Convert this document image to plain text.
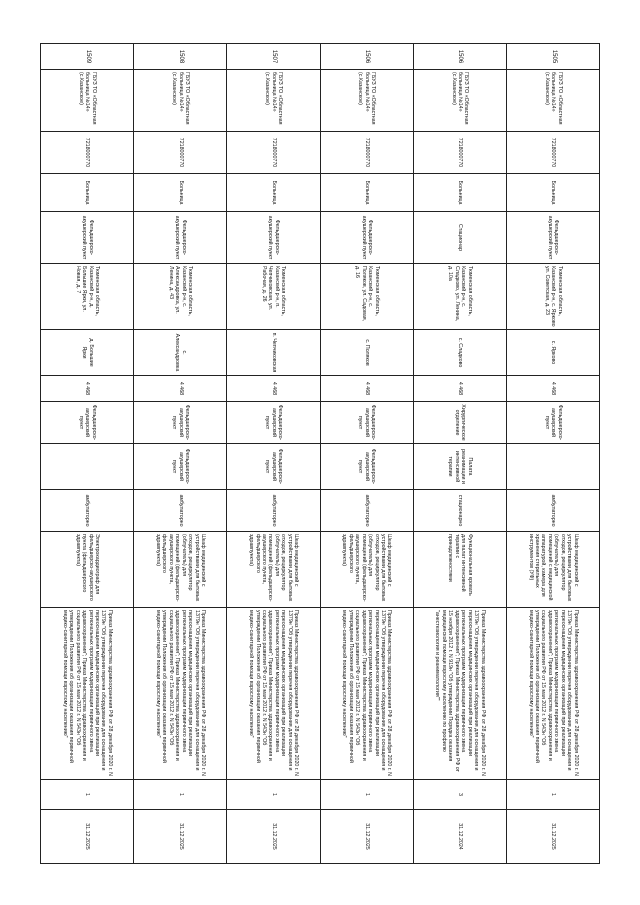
1505	ГБУЗ ТО «Областная больница №14» (с.Казанское)	7218000770	Больница	Фельдшерско-акушерский пункт	Тюменская область, Казанский р-н, с. Ярково ул. Советская, д. 23	с. Ярково	4 468	Фельдшерско-акушерский пункт		амбулаторно	Шкаф медицинский с устройствами для бытовых отходов, рециркулятор (облучатель) для помещений с медицинской аппаратурой, камера для хранения стерильных инструментов (УФ)	Приказ Министерства здравоохранения РФ от 28 декабря 2020 г. N 1379н "Об утверждении перечня оборудования для оснащения и переоснащения медицинских организаций при реализации региональных программ модернизации первичного звена здравоохранения"; Приказ Министерства здравоохранения и социального развития РФ от 15 мая 2012 г. N 543н "Об утверждении Положения об организации оказания первичной медико-санитарной помощи взрослому населению"	1	31.12.2025
1506	ГБУЗ ТО «Областная больница №14» (с.Казанское)	7218000770	Больница	Стационар	Тюменская область, Казанский р-н, с. Сладково, ул. Ленина, д. 10а	с. Сладково	4 468	Хирургическое отделение	Палата реанимации и интенсивной терапии	стационарно	Функциональная кровать для палат интенсивной терапии с принадлежностями	Приказ Министерства здравоохранения РФ от 28 декабря 2020 г. N 1379н "Об утверждении перечня оборудования для оснащения и переоснащения медицинских организаций при реализации региональных программ модернизации первичного звена здравоохранения"; Приказ Министерства здравоохранения РФ от 15 ноября 2012 г. N 919н "Об утверждении Порядка оказания медицинской помощи взрослому населению по профилю "анестезиология и реаниматология""	3	31.12.2024
1506	ГБУЗ ТО «Областная больница №14» (с.Казанское)	7218000770	Больница	Фельдшерско-акушерский пункт	Тюменская область, Казанский р-н, с. Поляков, ул. Садовая, д. 16	с. Поляков	4 468	Фельдшерско-акушерский пункт	Фельдшерско-акушерский пункт	амбулаторно	Шкаф медицинский с устройствами для бытовых отходов, рециркулятор (облучатель) для помещений (фельдшерско-акушерского пункта, фельдшерского здравпункта)	Приказ Министерства здравоохранения РФ от 28 декабря 2020 г. N 1379н "Об утверждении перечня оборудования для оснащения и переоснащения медицинских организаций при реализации региональных программ модернизации первичного звена здравоохранения"; Приказ Министерства здравоохранения и социального развития РФ от 15 мая 2012 г. N 543н "Об утверждении Положения об организации оказания первичной медико-санитарной помощи взрослому населению"	1	31.12.2025
1507	ГБУЗ ТО «Областная больница №14» (с.Казанское)	7218000770	Больница	Фельдшерско-акушерский пункт	Тюменская область, Казанский р-н, п. Чепчиковская, ул. Рабочая, д. 26	п. Чепчиковская	4 468	Фельдшерско-акушерский пункт	Фельдшерско-акушерский пункт	амбулаторно	Шкаф медицинский с устройствами для бытовых отходов, рециркулятор (облучатель) для помещений (фельдшерско-акушерского пункта, фельдшерского здравпункта)	Приказ Министерства здравоохранения РФ от 28 декабря 2020 г. N 1379н "Об утверждении перечня оборудования для оснащения и переоснащения медицинских организаций при реализации региональных программ модернизации первичного звена здравоохранения"; Приказ Министерства здравоохранения и социального развития РФ от 15 мая 2012 г. N 543н "Об утверждении Положения об организации оказания первичной медико-санитарной помощи взрослому населению"	1	31.12.2025
1508	ГБУЗ ТО «Областная больница №14» (с.Казанское)	7218000770	Больница	Фельдшерско-акушерский пункт	Тюменская область, Казанский р-н, с. Александровка, ул. Ленина, д. 43	с. Александровка	4 468	Фельдшерско-акушерский пункт	Фельдшерско-акушерский пункт	амбулаторно	Шкаф медицинский с устройствами для бытовых отходов, рециркулятор (облучатель) для помещений (фельдшерско-акушерского пункта, фельдшерского здравпункта)	Приказ Министерства здравоохранения РФ от 28 декабря 2020 г. N 1379н "Об утверждении перечня оборудования для оснащения и переоснащения медицинских организаций при реализации региональных программ модернизации первичного звена здравоохранения"; Приказ Министерства здравоохранения и социального развития РФ от 15 мая 2012 г. N 543н "Об утверждении Положения об организации оказания первичной медико-санитарной помощи взрослому населению"	1	31.12.2025
1509	ГБУЗ ТО «Областная больница №14» (с.Казанское)	7218000770	Больница	Фельдшерско-акушерский пункт	Тюменская область, Казанский р-н, д. Большие Ярки, ул. Новая, д. 7	д. Большие Ярки	4 468	Фельдшерско-акушерский пункт		амбулаторно	Электрокардиограф для фельдшерско-акушерского пункта (фельдшерского здравпункта)	Приказ Министерства здравоохранения РФ от 28 декабря 2020 г. N 1379н "Об утверждении перечня оборудования для оснащения и переоснащения медицинских организаций при реализации региональных программ модернизации первичного звена здравоохранения"; Приказ Министерства здравоохранения и социального развития РФ от 15 мая 2012 г. N 543н "Об утверждении Положения об организации оказания первичной медико-санитарной помощи взрослому населению"	1	31.12.2025
